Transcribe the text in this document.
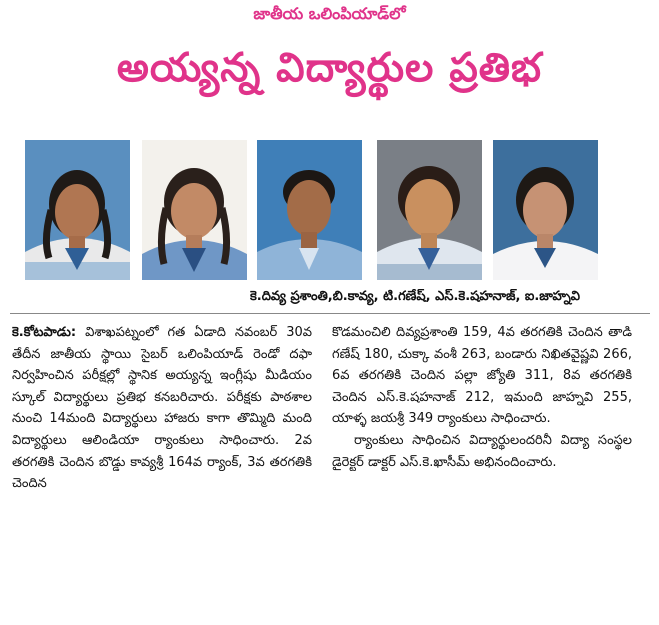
జాతీయ ఒలింపియాడ్‌లో
అయ్యన్న విద్యార్థుల ప్రతిభ
కె.దివ్య ప్రశాంతి,బి.కావ్య, టి.గణేష్, ఎస్.కె.షహనాజ్, ఐ.జాహ్నవి

కె.కోటపాడు: విశాఖపట్నంలో గత ఏడాది నవంబర్ 30వ తేదీన జాతీయ స్థాయి సైబర్ ఒలింపియాడ్ రెండో దఫా నిర్వహించిన పరీక్షల్లో స్థానిక అయ్యన్న ఇంగ్లీషు మీడియం స్కూల్ విద్యార్థులు ప్రతిభ కనబరిచారు. పరీక్షకు పాఠశాల నుంచి 14మంది విద్యార్థులు హాజరు కాగా తొమ్మిది మంది విద్యార్థులు ఆలిండియా ర్యాంకులు సాధించారు. 2వ తరగతికి చెందిన బొడ్డు కావ్యశ్రీ 164వ ర్యాంక్, 3వ తరగతికి చెందిన

కొడమంచిలి దివ్యప్రశాంతి 159, 4వ తరగతికి చెందిన తాడి గణేష్ 180, చుక్కా వంశీ 263, బండారు నిఖితవైష్ణవి 266, 6వ తరగతికి చెందిన పల్లా జ్యోతి 311, 8వ తరగతికి చెందిన ఎస్.కె.షహనాజ్ 212, ఇమంది జాహ్నవి 255, యాళ్ళ జయశ్రీ 349 ర్యాంకులు సాధించారు.

ర్యాంకులు సాధించిన విద్యార్థులందరినీ విద్యా సంస్థల డైరెక్టర్ డాక్టర్ ఎస్.కె.ఖాసీమ్ అభినందించారు.
